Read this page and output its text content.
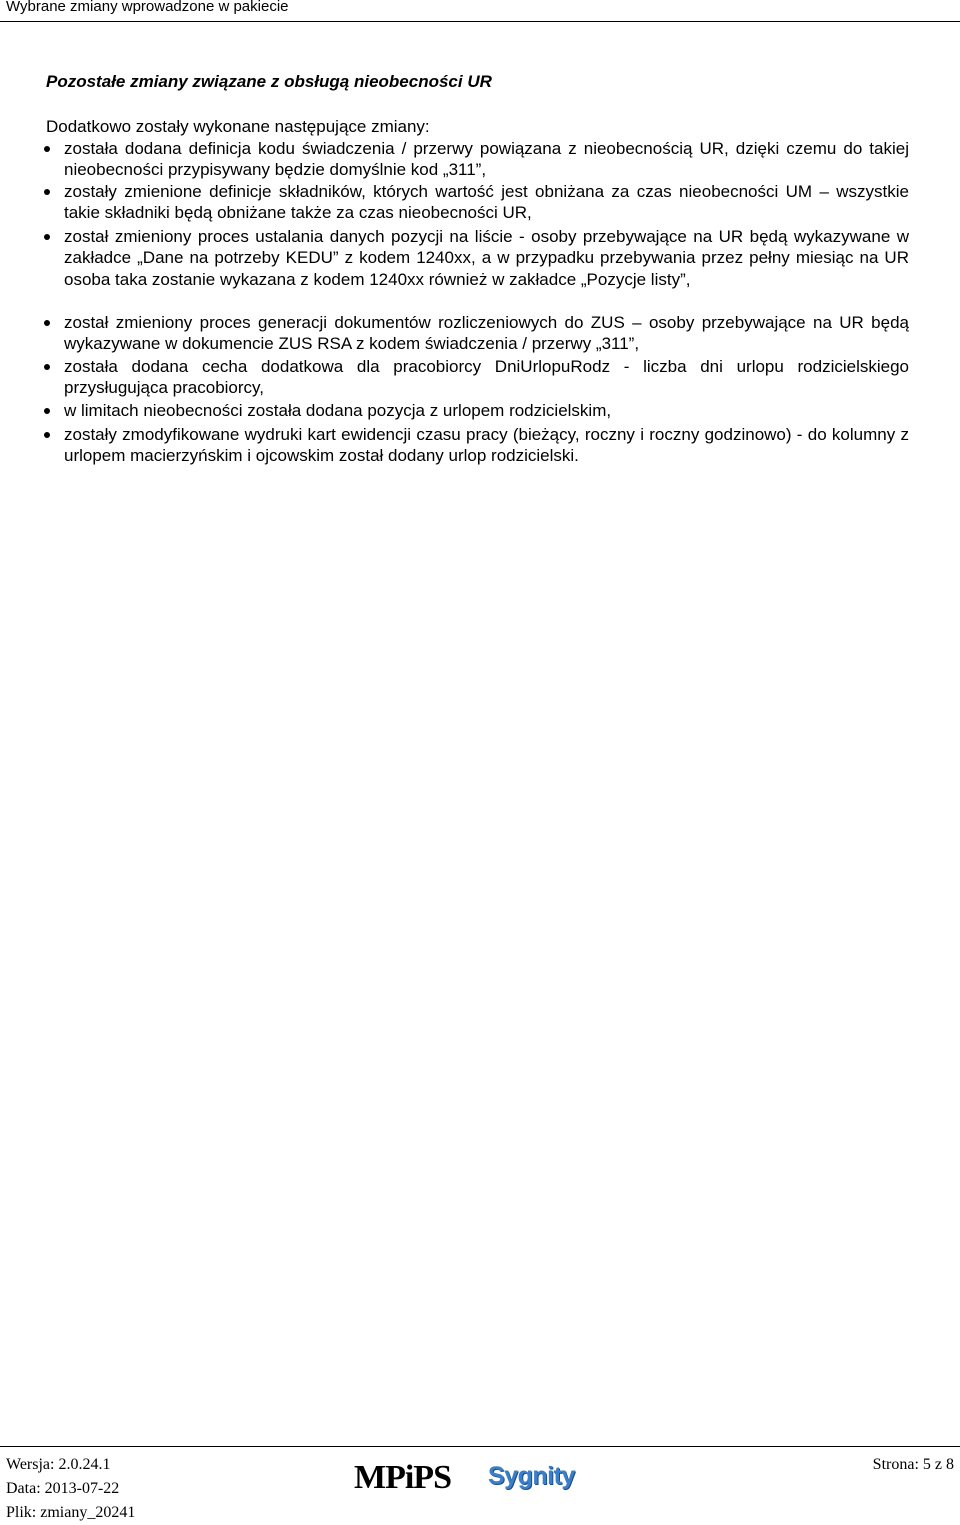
Wybrane zmiany wprowadzone w pakiecie
Pozostałe zmiany związane z obsługą nieobecności UR
Dodatkowo zostały wykonane następujące zmiany:
została dodana definicja kodu świadczenia / przerwy powiązana z nieobecnością UR, dzięki czemu do takiej nieobecności przypisywany będzie domyślnie kod „311”,
zostały zmienione definicje składników, których wartość jest obniżana za czas nieobecności UM – wszystkie takie składniki będą obniżane także za czas nieobecności UR,
został zmieniony proces ustalania danych pozycji na liście - osoby przebywające na UR będą wykazywane w zakładce „Dane na potrzeby KEDU” z kodem 1240xx, a w przypadku przebywania przez pełny miesiąc na UR osoba taka zostanie wykazana z kodem 1240xx również w zakładce „Pozycje listy”,
został zmieniony proces generacji dokumentów rozliczeniowych do ZUS – osoby przebywające na UR będą wykazywane w dokumencie ZUS RSA z kodem świadczenia / przerwy „311”,
została dodana cecha dodatkowa dla pracobiorcy DniUrlopuRodz - liczba dni urlopu rodzicielskiego przysługująca pracobiorcy,
w limitach nieobecności została dodana pozycja z urlopem rodzicielskim,
zostały zmodyfikowane wydruki kart ewidencji czasu pracy (bieżący, roczny i roczny godzinowo) - do kolumny z urlopem macierzyńskim i ojcowskim został dodany urlop rodzicielski.
Wersja: 2.0.24.1
Data: 2013-07-22
Plik: zmiany_20241
MPiPS Sygnity	Strona: 5 z 8
